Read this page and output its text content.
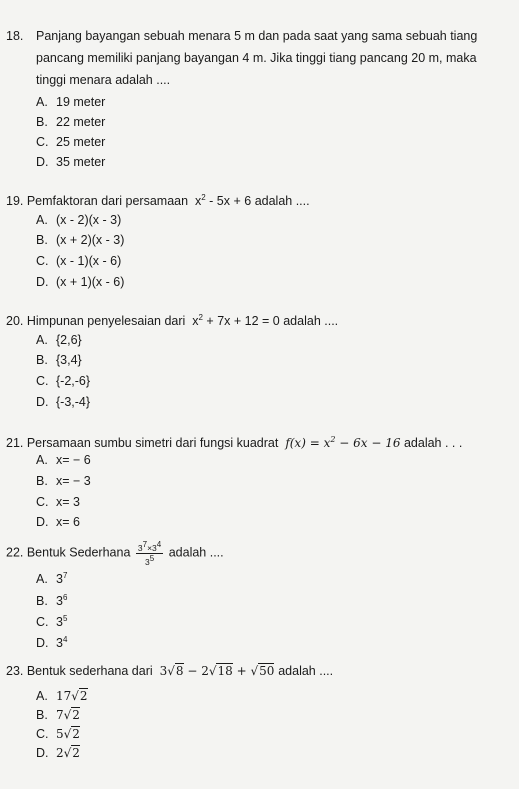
18. Panjang bayangan sebuah menara 5 m dan pada saat yang sama sebuah tiang
pancang memiliki panjang bayangan 4 m. Jika tinggi tiang pancang 20 m, maka
tinggi menara adalah ....
A. 19 meter
B. 22 meter
C. 25 meter
D. 35 meter
19. Pemfaktoran dari persamaan $x^2 - 5x + 6$ adalah ....
A. (x - 2)(x - 3)
B. (x + 2)(x - 3)
C. (x - 1)(x - 6)
D. (x + 1)(x - 6)
20. Himpunan penyelesaian dari $x^2 + 7x + 12 = 0$ adalah ....
A. {2,6}
B. {3,4}
C. {-2,-6}
D. {-3,-4}
21. Persamaan sumbu simetri dari fungsi kuadrat $f(x) = x^2 - 6x - 16$ adalah . . .
A. x= − 6
B. x= − 3
C. x= 3
D. x= 6
22. Bentuk Sederhana $\frac{3^7\times 3^4}{3^5}$ adalah ....
A. $3^7$
B. $3^6$
C. $3^5$
D. $3^4$
23. Bentuk sederhana dari 3√8 − 2√18 + √50 adalah ....
A. 17√2
B. 7√2
C. 5√2
D. 2√2
